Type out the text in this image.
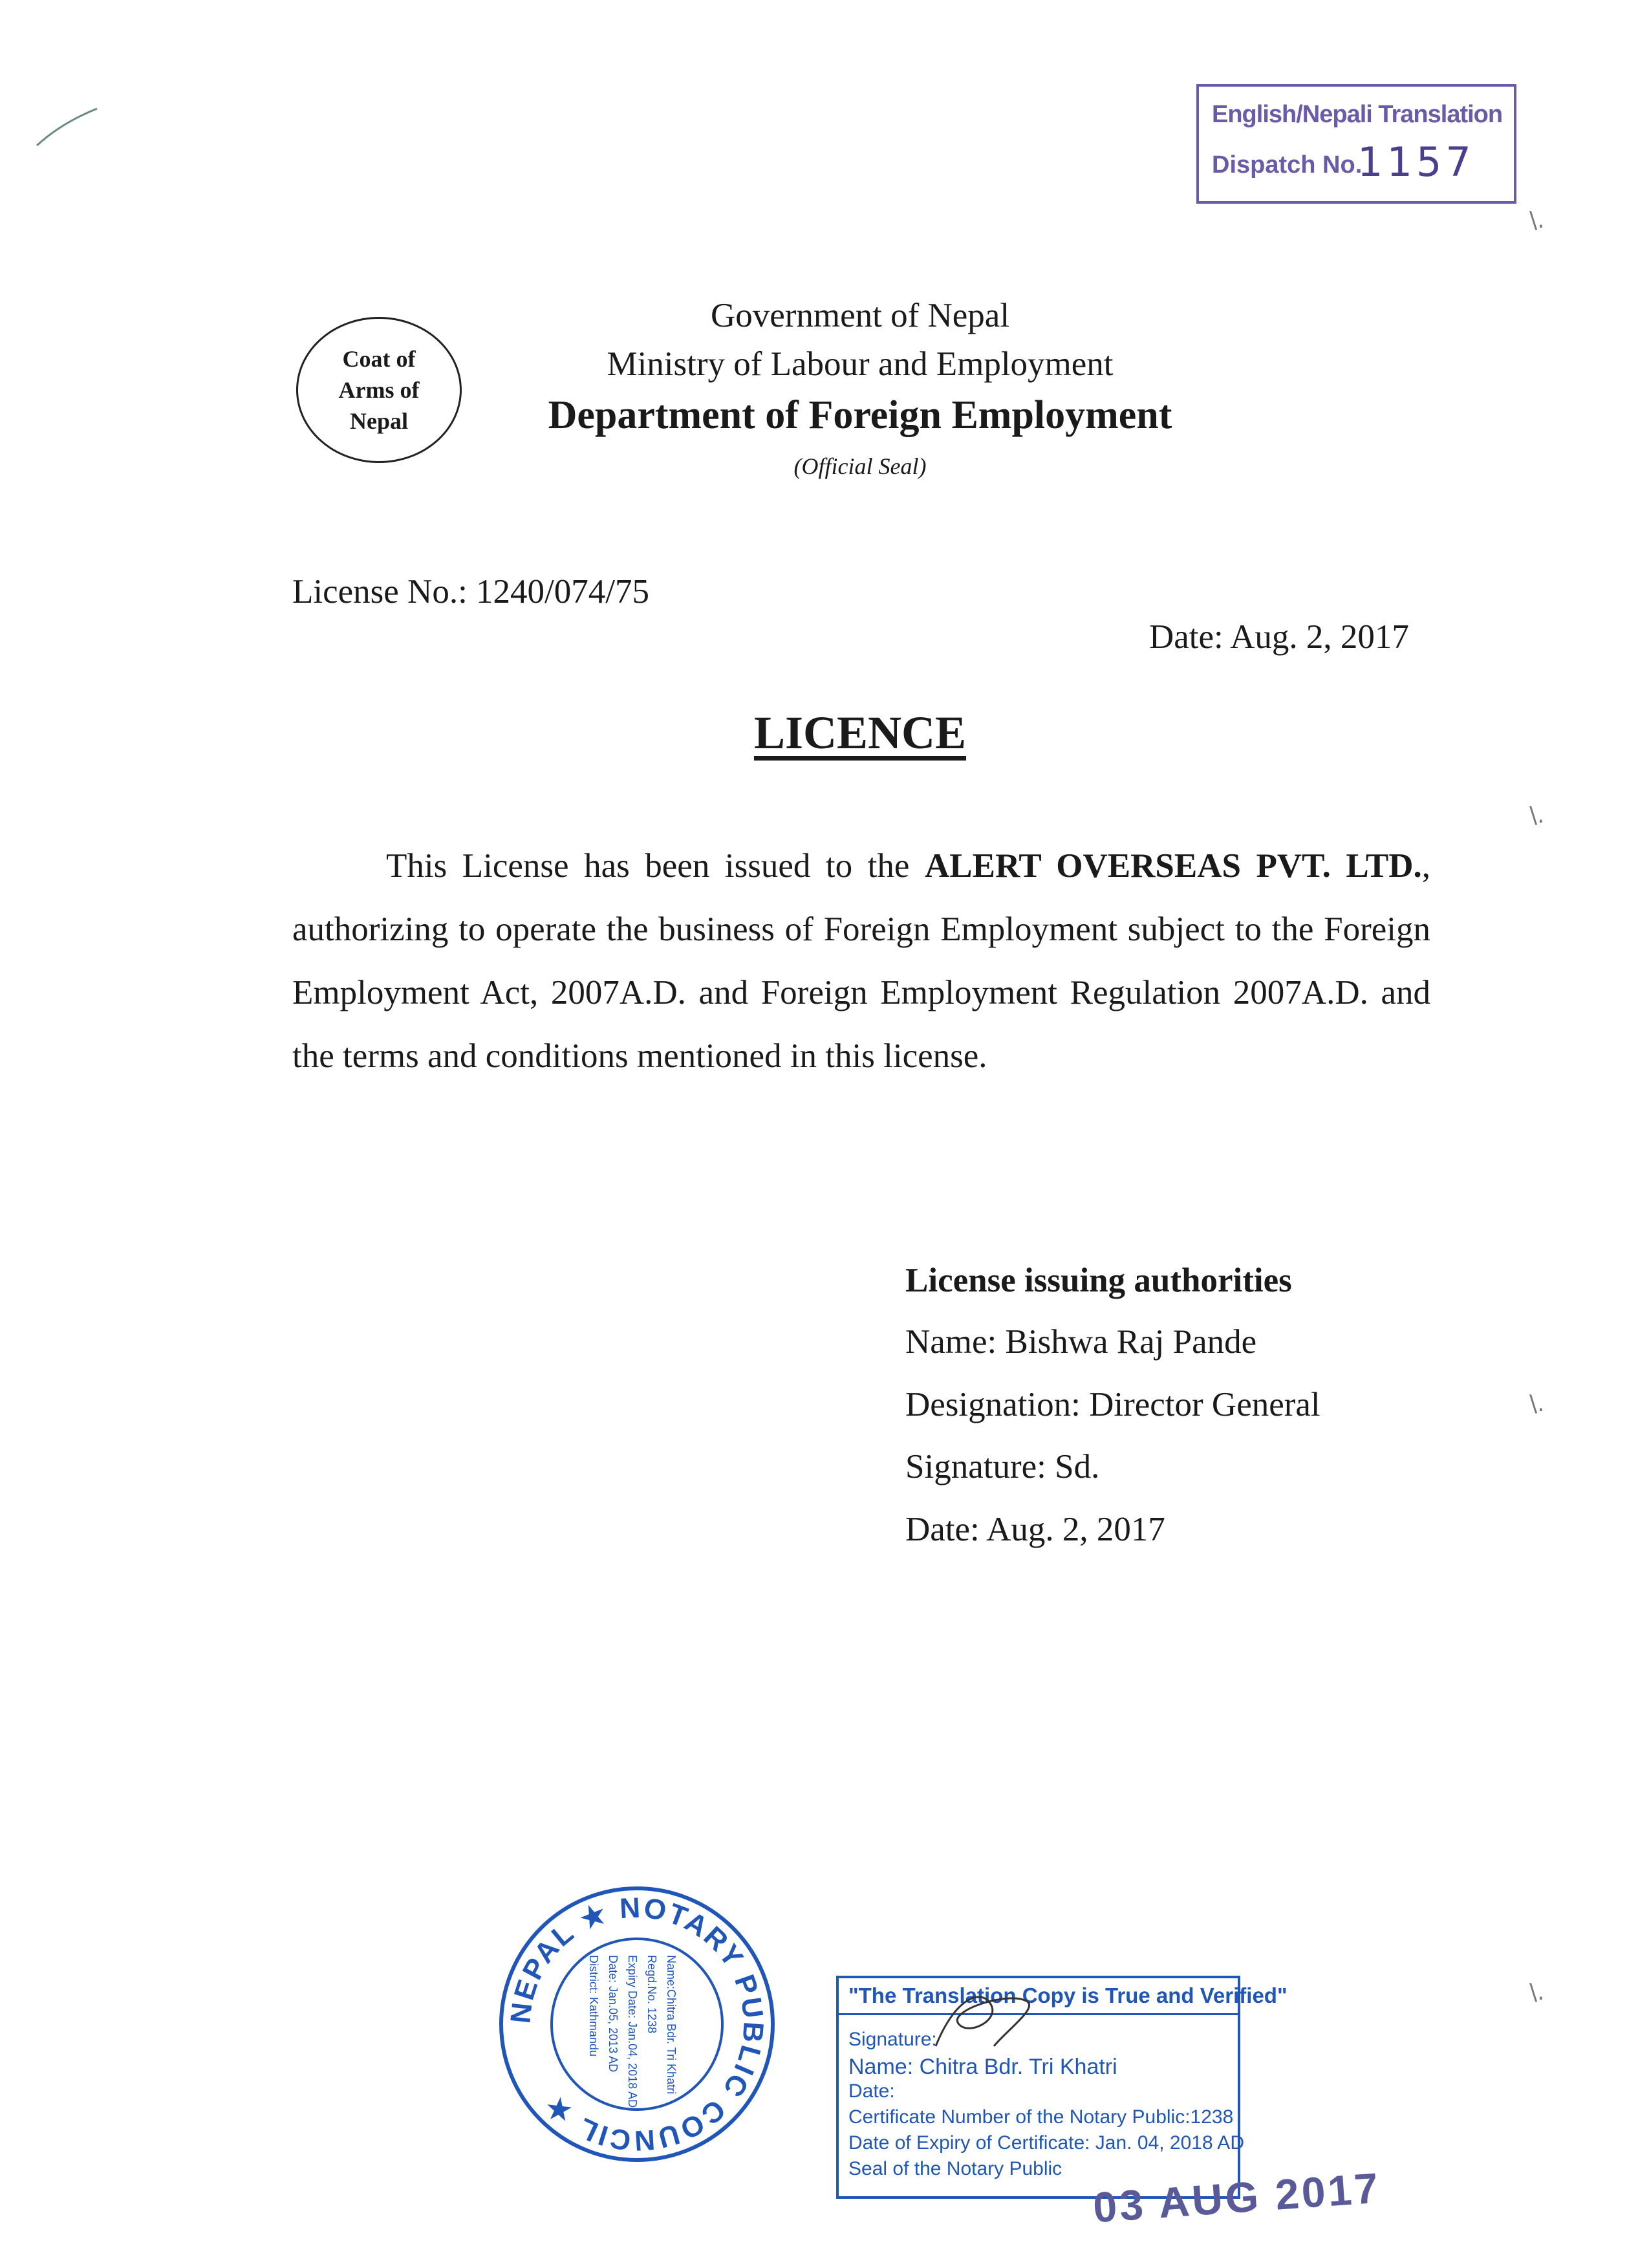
\.
\.
\.
\.
English/Nepali Translation
Dispatch No.
1157
Coat of
Arms of
Nepal
Government of Nepal
Ministry of Labour and Employment
Department of Foreign Employment
(Official Seal)
License No.: 1240/074/75
Date: Aug. 2, 2017
LICENCE
This License has been issued to the ALERT OVERSEAS PVT. LTD., authorizing to operate the business of Foreign Employment subject to the Foreign Employment Act, 2007A.D. and Foreign Employment Regulation 2007A.D. and the terms and conditions mentioned in this license.
License issuing authorities
Name: Bishwa Raj Pande
Designation: Director General
Signature: Sd.
Date: Aug. 2, 2017
NEPAL ★ NOTARY PUBLIC COUNCIL ★
Name:Chitra Bdr. Tri Khatri
Regd.No. 1238
Expiry Date: Jan.04, 2018 AD
Date: Jan.05, 2013 AD
District: Kathmandu	"The Translation Copy is True and Verified"
Signature:
Name: Chitra Bdr. Tri Khatri
Date:
Certificate Number of the Notary Public:1238
Date of Expiry of Certificate: Jan. 04, 2018 AD
Seal of the Notary Public 03 AUG 2017
